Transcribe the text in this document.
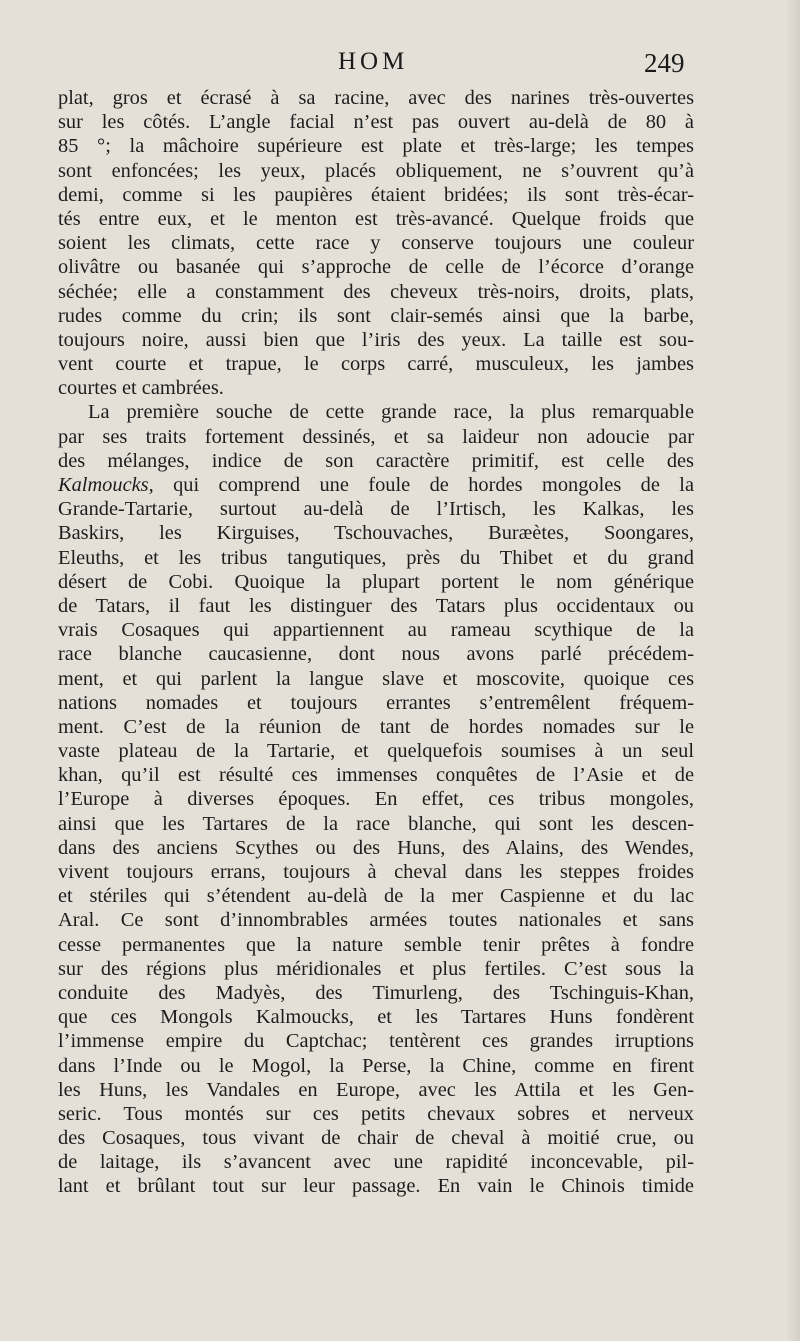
HOM	249
plat, gros et écrasé à sa racine, avec des narines très-ouvertes
sur les côtés. L’angle facial n’est pas ouvert au-delà de 80 à
85 °; la mâchoire supérieure est plate et très-large; les tempes
sont enfoncées; les yeux, placés obliquement, ne s’ouvrent qu’à
demi, comme si les paupières étaient bridées; ils sont très-écar-
tés entre eux, et le menton est très-avancé. Quelque froids que
soient les climats, cette race y conserve toujours une couleur
olivâtre ou basanée qui s’approche de celle de l’écorce d’orange
séchée; elle a constamment des cheveux très-noirs, droits, plats,
rudes comme du crin; ils sont clair-semés ainsi que la barbe,
toujours noire, aussi bien que l’iris des yeux. La taille est sou-
vent courte et trapue, le corps carré, musculeux, les jambes
courtes et cambrées.
La première souche de cette grande race, la plus remarquable
par ses traits fortement dessinés, et sa laideur non adoucie par
des mélanges, indice de son caractère primitif, est celle des
Kalmoucks, qui comprend une foule de hordes mongoles de la
Grande-Tartarie, surtout au-delà de l’Irtisch, les Kalkas, les
Baskirs, les Kirguises, Tschouvaches, Buræètes, Soongares,
Eleuths, et les tribus tangutiques, près du Thibet et du grand
désert de Cobi. Quoique la plupart portent le nom générique
de Tatars, il faut les distinguer des Tatars plus occidentaux ou
vrais Cosaques qui appartiennent au rameau scythique de la
race blanche caucasienne, dont nous avons parlé précédem-
ment, et qui parlent la langue slave et moscovite, quoique ces
nations nomades et toujours errantes s’entremêlent fréquem-
ment. C’est de la réunion de tant de hordes nomades sur le
vaste plateau de la Tartarie, et quelquefois soumises à un seul
khan, qu’il est résulté ces immenses conquêtes de l’Asie et de
l’Europe à diverses époques. En effet, ces tribus mongoles,
ainsi que les Tartares de la race blanche, qui sont les descen-
dans des anciens Scythes ou des Huns, des Alains, des Wendes,
vivent toujours errans, toujours à cheval dans les steppes froides
et stériles qui s’étendent au-delà de la mer Caspienne et du lac
Aral. Ce sont d’innombrables armées toutes nationales et sans
cesse permanentes que la nature semble tenir prêtes à fondre
sur des régions plus méridionales et plus fertiles. C’est sous la
conduite des Madyès, des Timurleng, des Tschinguis-Khan,
que ces Mongols Kalmoucks, et les Tartares Huns fondèrent
l’immense empire du Captchac; tentèrent ces grandes irruptions
dans l’Inde ou le Mogol, la Perse, la Chine, comme en firent
les Huns, les Vandales en Europe, avec les Attila et les Gen-
seric. Tous montés sur ces petits chevaux sobres et nerveux
des Cosaques, tous vivant de chair de cheval à moitié crue, ou
de laitage, ils s’avancent avec une rapidité inconcevable, pil-
lant et brûlant tout sur leur passage. En vain le Chinois timide
